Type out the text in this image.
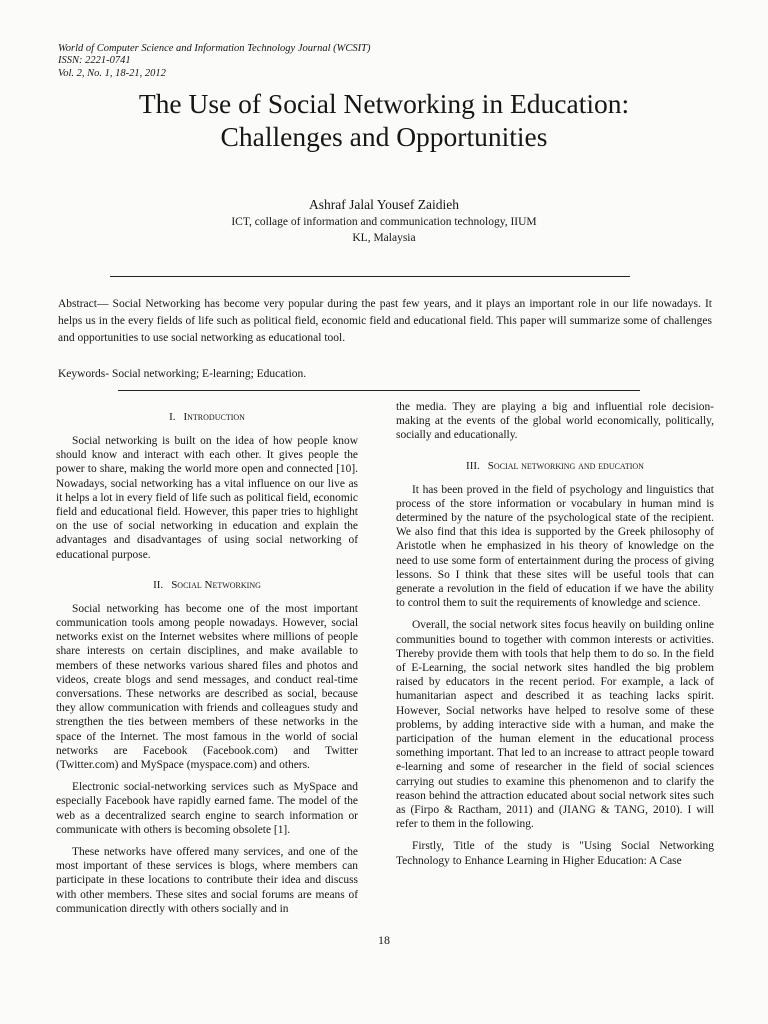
World of Computer Science and Information Technology Journal (WCSIT)
ISSN: 2221-0741
Vol. 2, No. 1, 18-21, 2012
The Use of Social Networking in Education:
Challenges and Opportunities
Ashraf Jalal Yousef Zaidieh
ICT, collage of information and communication technology, IIUM
KL, Malaysia
Abstract— Social Networking has become very popular during the past few years, and it plays an important role in our life nowadays. It helps us in the every fields of life such as political field, economic field and educational field. This paper will summarize some of challenges and opportunities to use social networking as educational tool.
Keywords- Social networking; E-learning; Education.
I. Introduction

Social networking is built on the idea of how people know should know and interact with each other. It gives people the power to share, making the world more open and connected [10]. Nowadays, social networking has a vital influence on our live as it helps a lot in every field of life such as political field, economic field and educational field. However, this paper tries to highlight on the use of social networking in education and explain the advantages and disadvantages of using social networking of educational purpose.

II. Social Networking

Social networking has become one of the most important communication tools among people nowadays. However, social networks exist on the Internet websites where millions of people share interests on certain disciplines, and make available to members of these networks various shared files and photos and videos, create blogs and send messages, and conduct real-time conversations. These networks are described as social, because they allow communication with friends and colleagues study and strengthen the ties between members of these networks in the space of the Internet. The most famous in the world of social networks are Facebook (Facebook.com) and Twitter (Twitter.com) and MySpace (myspace.com) and others.

Electronic social-networking services such as MySpace and especially Facebook have rapidly earned fame. The model of the web as a decentralized search engine to search information or communicate with others is becoming obsolete [1].

These networks have offered many services, and one of the most important of these services is blogs, where members can participate in these locations to contribute their idea and discuss with other members. These sites and social forums are means of communication directly with others socially and in

the media. They are playing a big and influential role decision-making at the events of the global world economically, politically, socially and educationally.

III. Social networking and education

It has been proved in the field of psychology and linguistics that process of the store information or vocabulary in human mind is determined by the nature of the psychological state of the recipient. We also find that this idea is supported by the Greek philosophy of Aristotle when he emphasized in his theory of knowledge on the need to use some form of entertainment during the process of giving lessons. So I think that these sites will be useful tools that can generate a revolution in the field of education if we have the ability to control them to suit the requirements of knowledge and science.

Overall, the social network sites focus heavily on building online communities bound to together with common interests or activities. Thereby provide them with tools that help them to do so. In the field of E-Learning, the social network sites handled the big problem raised by educators in the recent period. For example, a lack of humanitarian aspect and described it as teaching lacks spirit. However, Social networks have helped to resolve some of these problems, by adding interactive side with a human, and make the participation of the human element in the educational process something important. That led to an increase to attract people toward e-learning and some of researcher in the field of social sciences carrying out studies to examine this phenomenon and to clarify the reason behind the attraction educated about social network sites such as (Firpo & Ractham, 2011) and (JIANG & TANG, 2010). I will refer to them in the following.

Firstly, Title of the study is "Using Social Networking Technology to Enhance Learning in Higher Education: A Case

18
